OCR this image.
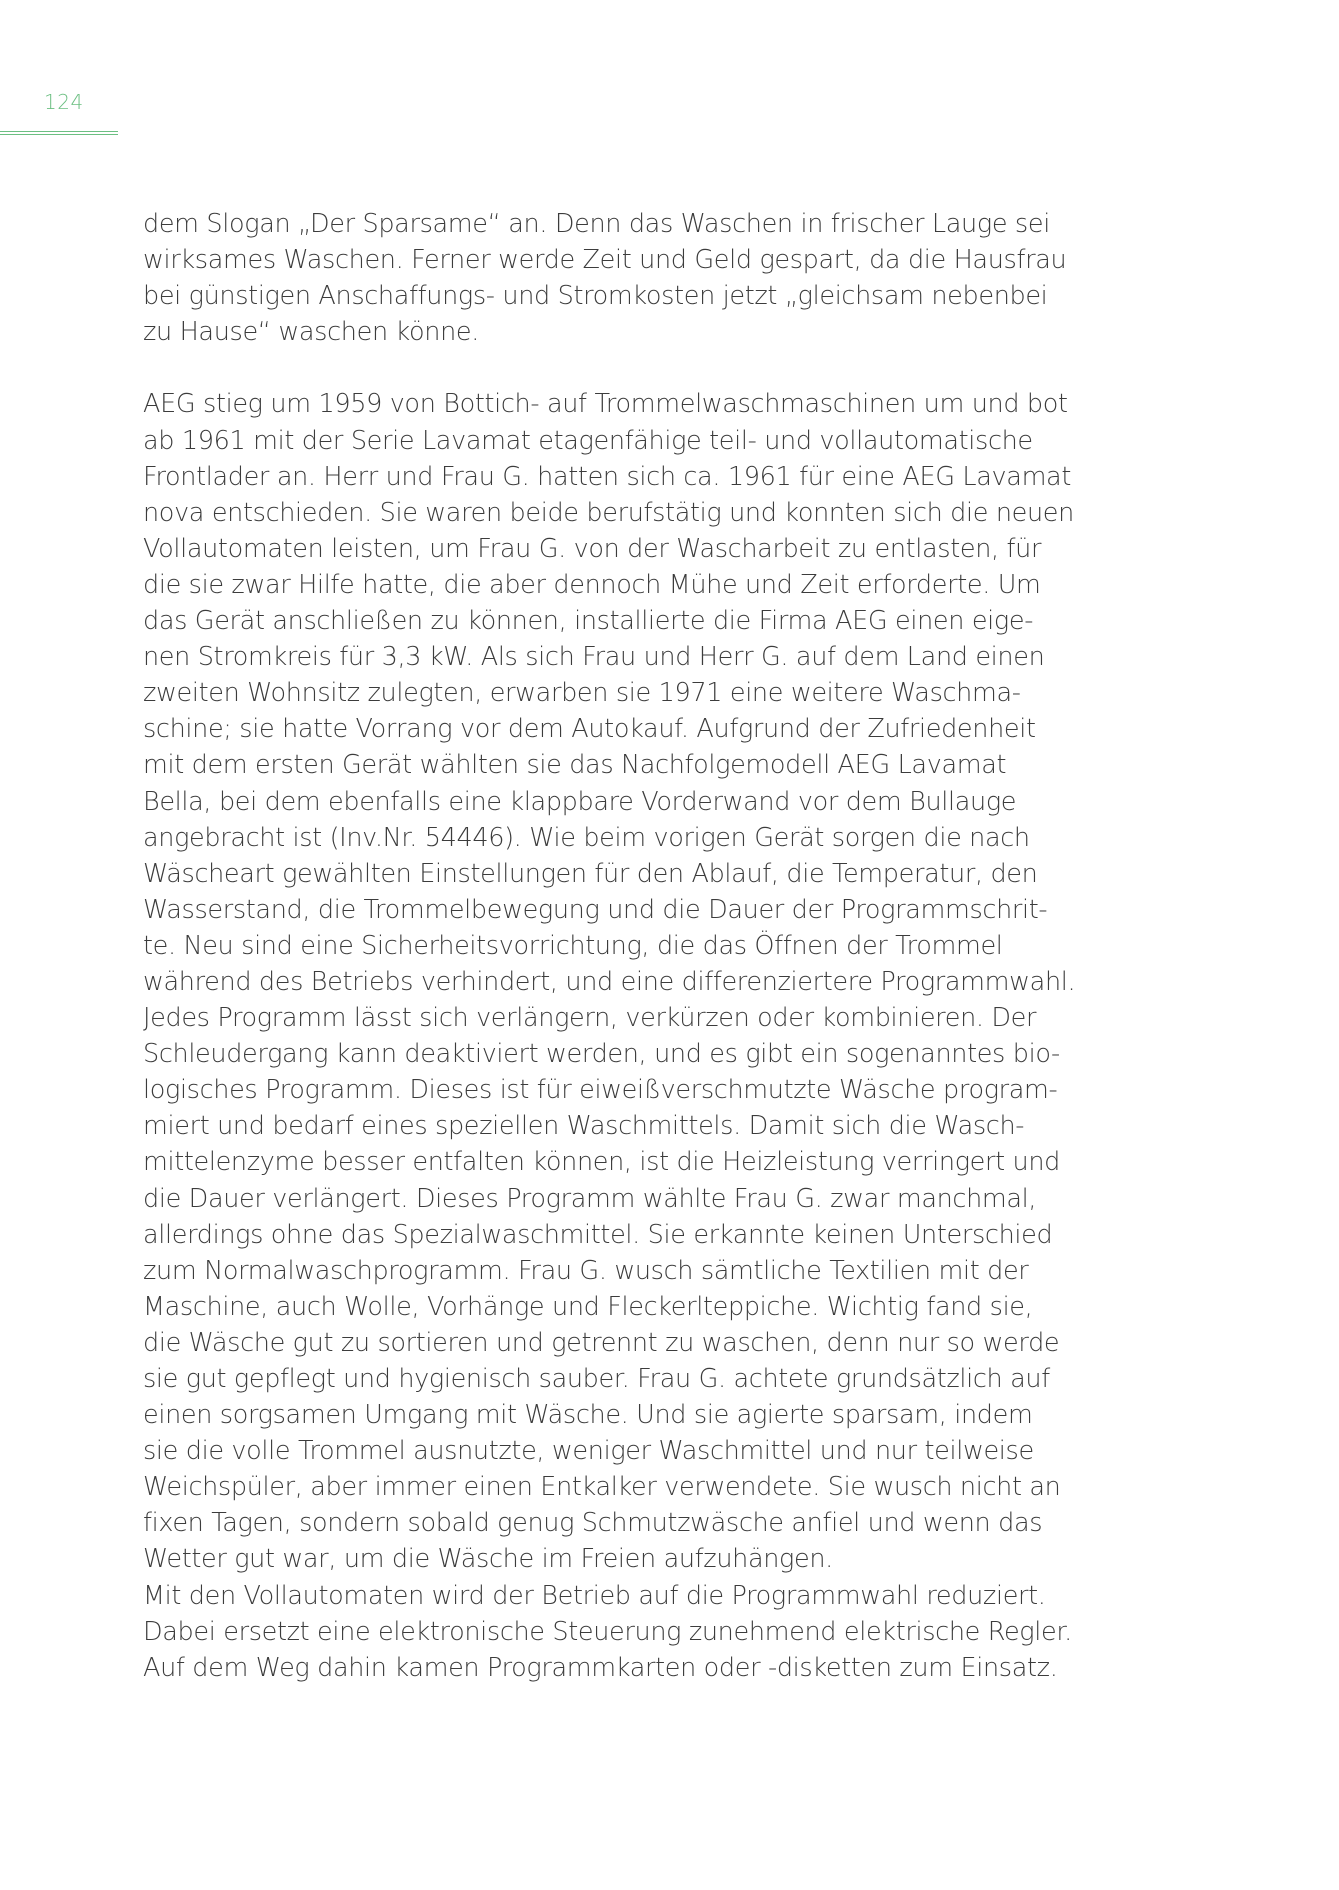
124
dem Slogan „Der Sparsame“ an. Denn das Waschen in frischer Lauge sei
wirksames Waschen. Ferner werde Zeit und Geld gespart, da die Hausfrau
bei günstigen Anschaffungs- und Stromkosten jetzt „gleichsam nebenbei
zu Hause“ waschen könne.
AEG stieg um 1959 von Bottich- auf Trommelwaschmaschinen um und bot
ab 1961 mit der Serie Lavamat etagenfähige teil- und vollautomatische
Frontlader an. Herr und Frau G. hatten sich ca. 1961 für eine AEG Lavamat
nova entschieden. Sie waren beide berufstätig und konnten sich die neuen
Vollautomaten leisten, um Frau G. von der Wascharbeit zu entlasten, für
die sie zwar Hilfe hatte, die aber dennoch Mühe und Zeit erforderte. Um
das Gerät anschließen zu können, installierte die Firma AEG einen eige-
nen Stromkreis für 3,3 kW. Als sich Frau und Herr G. auf dem Land einen
zweiten Wohnsitz zulegten, erwarben sie 1971 eine weitere Waschma-
schine; sie hatte Vorrang vor dem Autokauf. Aufgrund der Zufriedenheit
mit dem ersten Gerät wählten sie das Nachfolgemodell AEG Lavamat
Bella, bei dem ebenfalls eine klappbare Vorderwand vor dem Bullauge
angebracht ist (Inv.Nr. 54446). Wie beim vorigen Gerät sorgen die nach
Wäscheart gewählten Einstellungen für den Ablauf, die Temperatur, den
Wasserstand, die Trommelbewegung und die Dauer der Programmschrit-
te. Neu sind eine Sicherheitsvorrichtung, die das Öffnen der Trommel
während des Betriebs verhindert, und eine differenziertere Programmwahl.
Jedes Programm lässt sich verlängern, verkürzen oder kombinieren. Der
Schleudergang kann deaktiviert werden, und es gibt ein sogenanntes bio-
logisches Programm. Dieses ist für eiweißverschmutzte Wäsche program-
miert und bedarf eines speziellen Waschmittels. Damit sich die Wasch-
mittelenzyme besser entfalten können, ist die Heizleistung verringert und
die Dauer verlängert. Dieses Programm wählte Frau G. zwar manchmal,
allerdings ohne das Spezialwaschmittel. Sie erkannte keinen Unterschied
zum Normalwaschprogramm. Frau G. wusch sämtliche Textilien mit der
Maschine, auch Wolle, Vorhänge und Fleckerlteppiche. Wichtig fand sie,
die Wäsche gut zu sortieren und getrennt zu waschen, denn nur so werde
sie gut gepflegt und hygienisch sauber. Frau G. achtete grundsätzlich auf
einen sorgsamen Umgang mit Wäsche. Und sie agierte sparsam, indem
sie die volle Trommel ausnutzte, weniger Waschmittel und nur teilweise
Weichspüler, aber immer einen Entkalker verwendete. Sie wusch nicht an
fixen Tagen, sondern sobald genug Schmutzwäsche anfiel und wenn das
Wetter gut war, um die Wäsche im Freien aufzuhängen.
Mit den Vollautomaten wird der Betrieb auf die Programmwahl reduziert.
Dabei ersetzt eine elektronische Steuerung zunehmend elektrische Regler.
Auf dem Weg dahin kamen Programmkarten oder -disketten zum Einsatz.
